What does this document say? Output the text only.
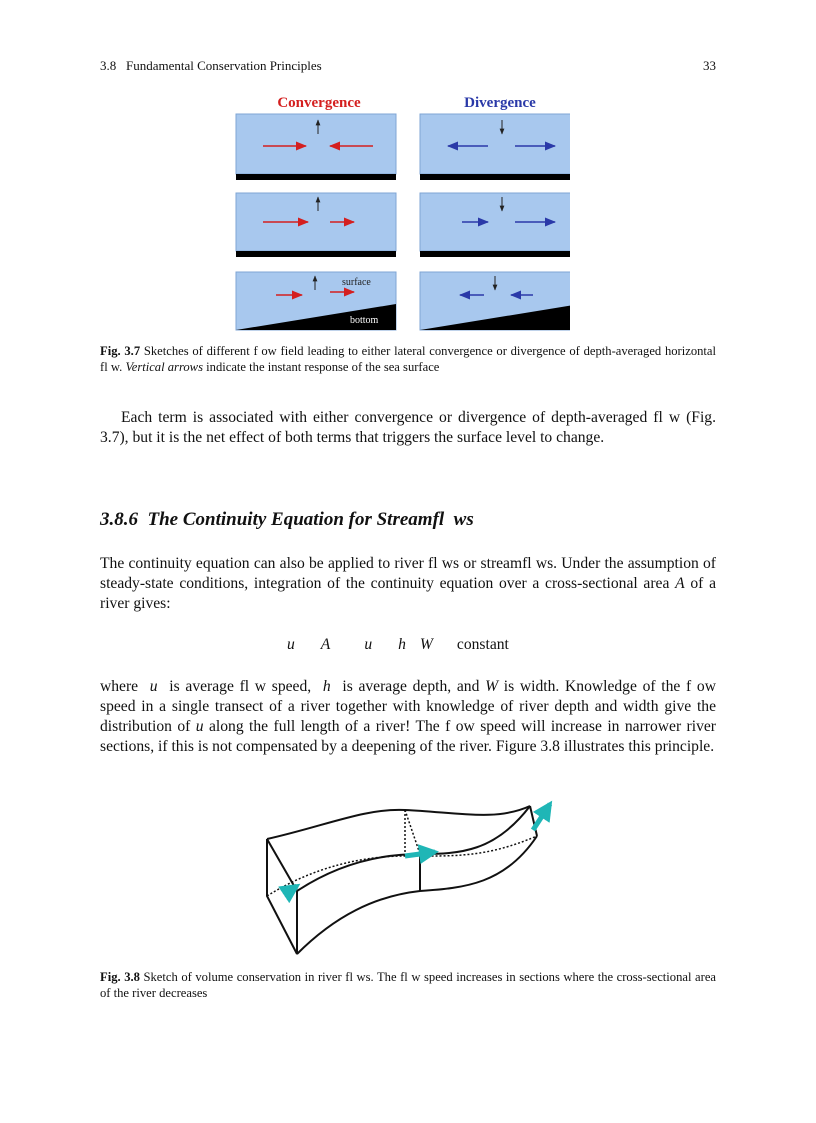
3.8   Fundamental Conservation Principles	33
Convergence	Divergence
surface
bottom
Fig. 3.7 Sketches of different f ow field leading to either lateral convergence or divergence of depth-averaged horizontal fl w. Vertical arrows indicate the instant response of the sea surface
Each term is associated with either convergence or divergence of depth-averaged fl w (Fig. 3.7), but it is the net effect of both terms that triggers the surface level to change.
3.8.6  The Continuity Equation for Streamfl  ws
The continuity equation can also be applied to river fl ws or streamfl ws. Under the assumption of steady-state conditions, integration of the continuity equation over a cross-sectional area A of a river gives:
u A u h W constant
where u is average fl w speed, h is average depth, and W is width. Knowledge of the f ow speed in a single transect of a river together with knowledge of river depth and width give the distribution of u along the full length of a river! The f ow speed will increase in narrower river sections, if this is not compensated by a deepening of the river. Figure 3.8 illustrates this principle.
Fig. 3.8 Sketch of volume conservation in river fl ws. The fl w speed increases in sections where the cross-sectional area of the river decreases
